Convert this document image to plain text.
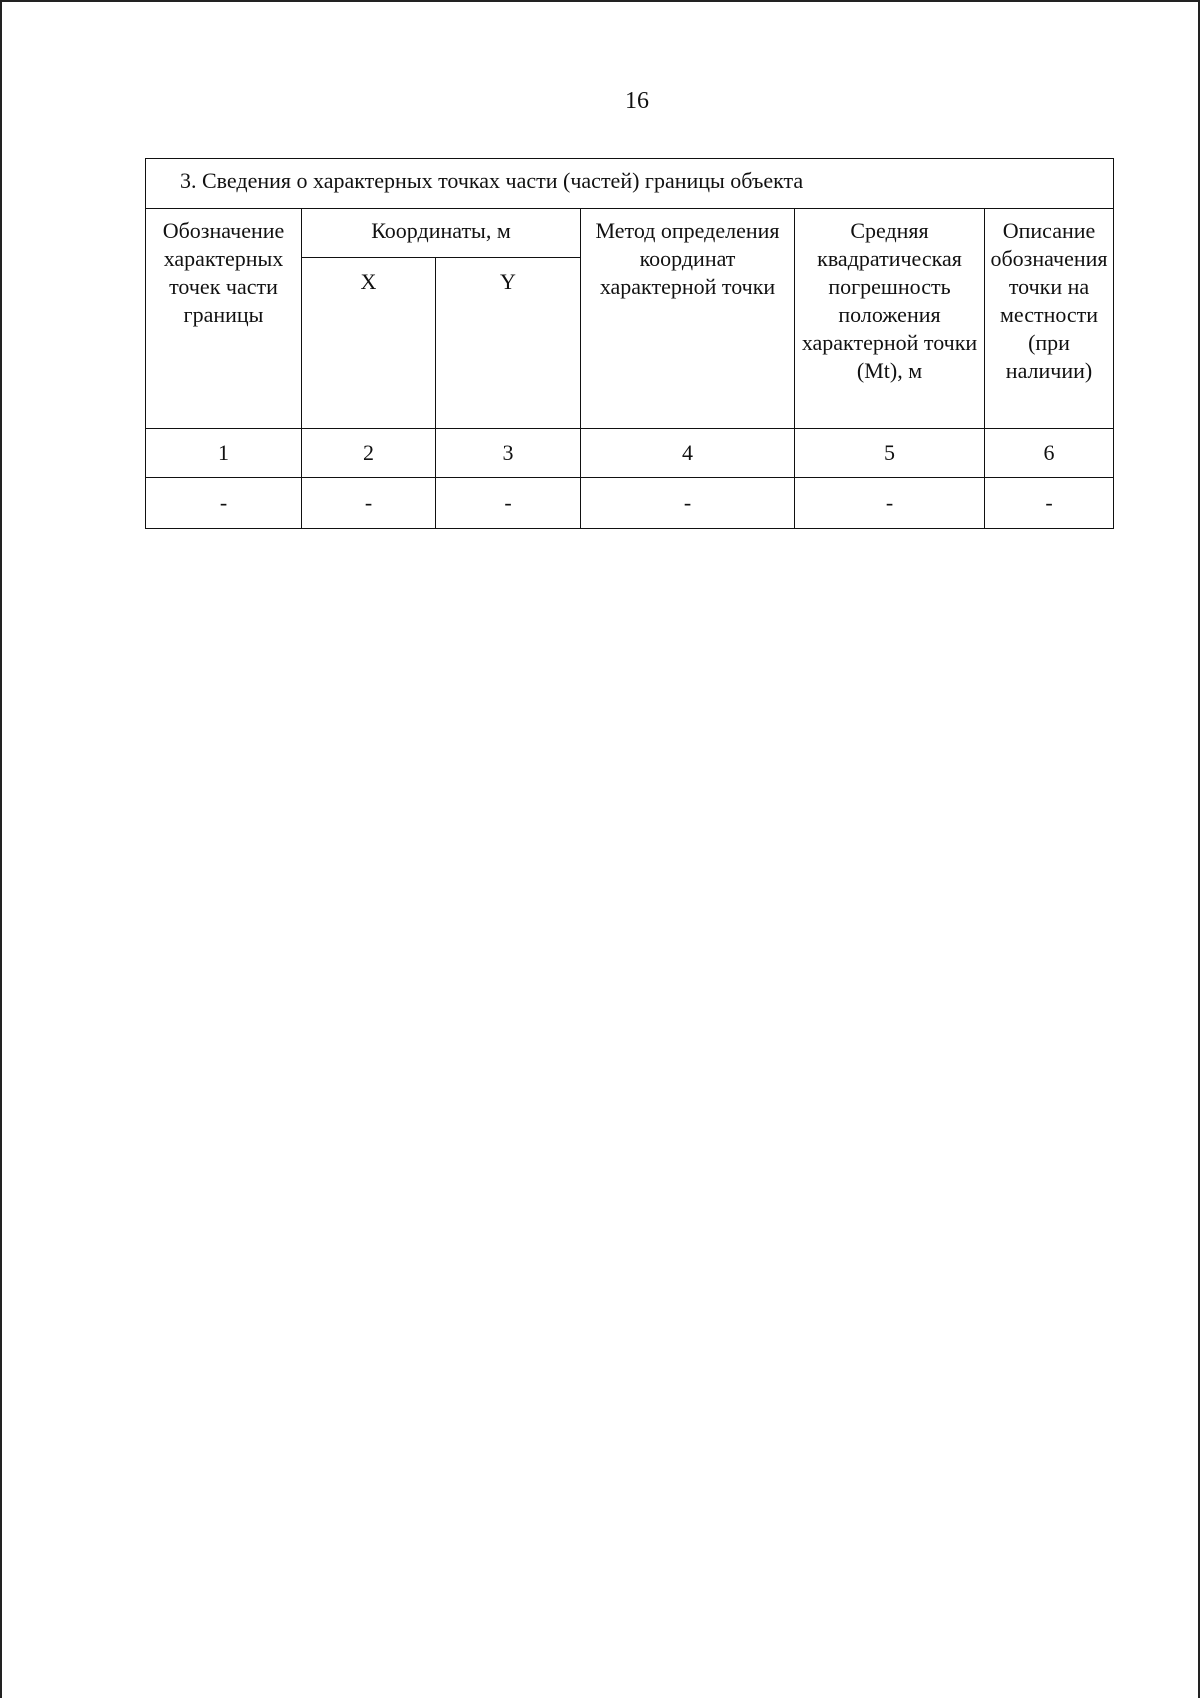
16
3. Сведения о характерных точках части (частей) границы объекта					
Обозначение характерных точек части границы	Координаты, м		Метод определения координат характерной точки	Средняя квадратическая погрешность положения характерной точки (Mt), м	Описание обозначения точки на местности (при наличии)
	X	Y			
1	2	3	4	5	6
-	-	-	-	-	-
